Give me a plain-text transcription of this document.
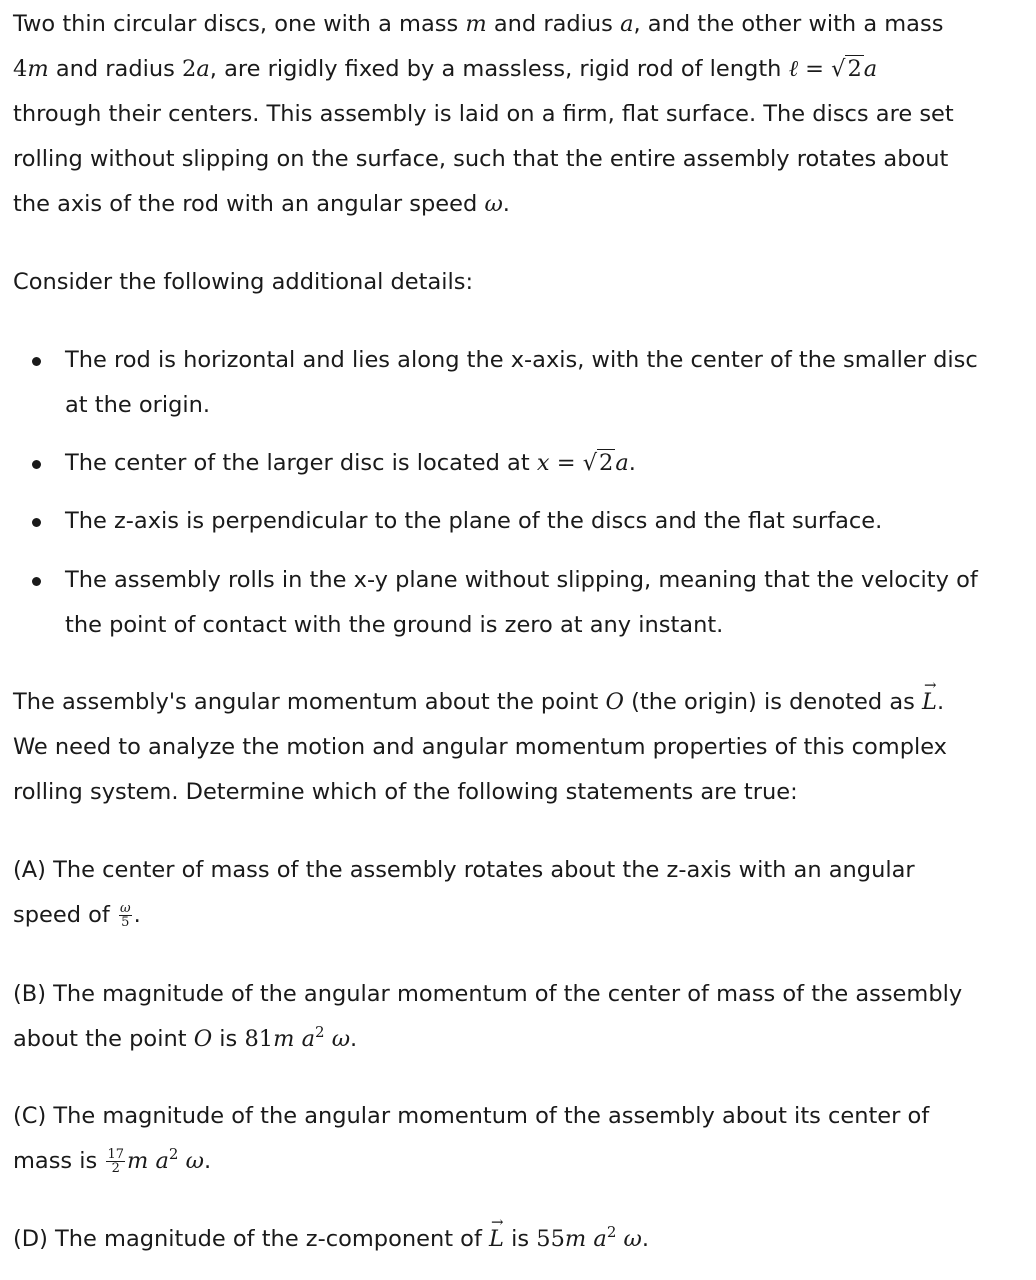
Two thin circular discs, one with a mass m and radius a, and the other with a mass

4m and radius 2a, are rigidly fixed by a massless, rigid rod of length ℓ = √2a

through their centers. This assembly is laid on a firm, flat surface. The discs are set

rolling without slipping on the surface, such that the entire assembly rotates about

the axis of the rod with an angular speed ω.

Consider the following additional details:

The rod is horizontal and lies along the x-axis, with the center of the smaller disc

at the origin.

The center of the larger disc is located at x = √2a.

The z-axis is perpendicular to the plane of the discs and the flat surface.

The assembly rolls in the x-y plane without slipping, meaning that the velocity of

the point of contact with the ground is zero at any instant.

The assembly's angular momentum about the point O (the origin) is denoted as → L.

We need to analyze the motion and angular momentum properties of this complex

rolling system. Determine which of the following statements are true:

(A) The center of mass of the assembly rotates about the z-axis with an angular

speed of $\frac{\omega}{5}$ .

(B) The magnitude of the angular momentum of the center of mass of the assembly

about the point O is 81m $a^2$ ω.

(C) The magnitude of the angular momentum of the assembly about its center of

mass is $\frac{17}{2}$ m $a^2$ ω.

(D) The magnitude of the z-component of → L is 55m $a^2$ ω.
